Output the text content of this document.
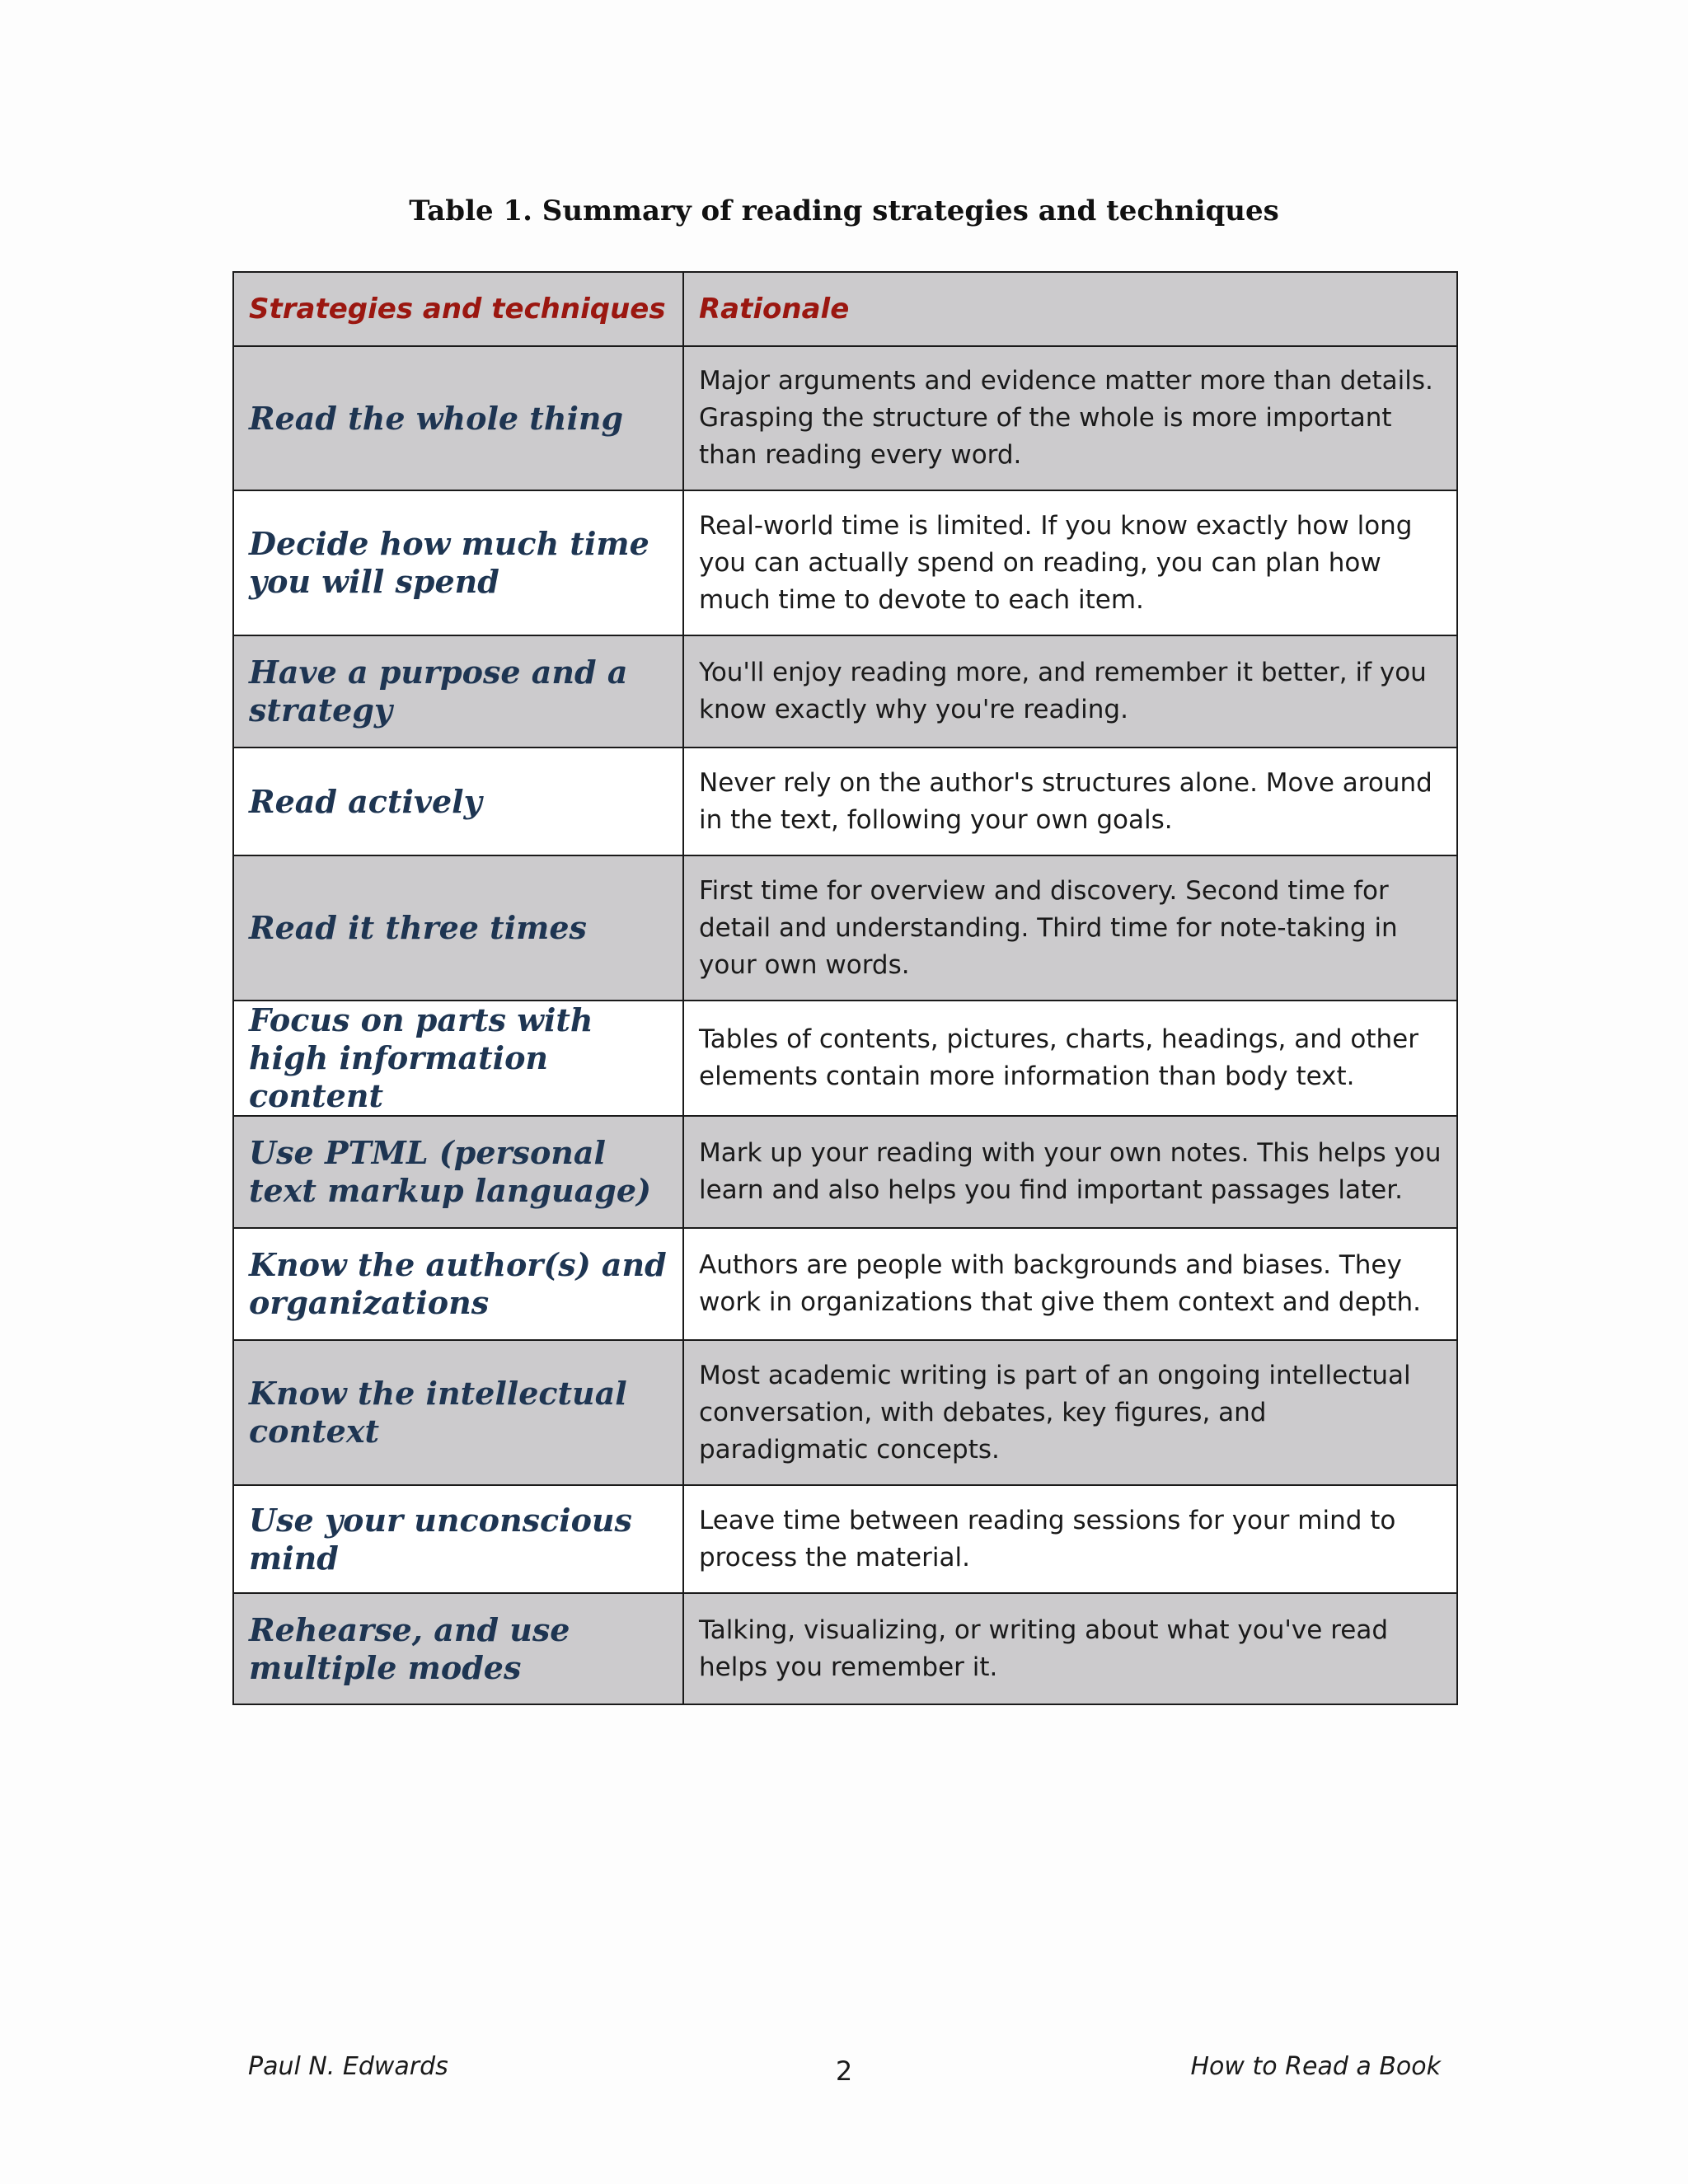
Table 1. Summary of reading strategies and techniques
Strategies and techniques	Rationale
Read the whole thing	Major arguments and evidence matter more than details. Grasping the structure of the whole is more important than reading every word.
Decide how much time you will spend	Real-world time is limited. If you know exactly how long you can actually spend on reading, you can plan how much time to devote to each item.
Have a purpose and a strategy	You'll enjoy reading more, and remember it better, if you know exactly why you're reading.
Read actively	Never rely on the author's structures alone. Move around in the text, following your own goals.
Read it three times	First time for overview and discovery. Second time for detail and understanding. Third time for note-taking in your own words.
Focus on parts with high information content	Tables of contents, pictures, charts, headings, and other elements contain more information than body text.
Use PTML (personal text markup language)	Mark up your reading with your own notes. This helps you learn and also helps you find important passages later.
Know the author(s) and organizations	Authors are people with backgrounds and biases. They work in organizations that give them context and depth.
Know the intellectual context	Most academic writing is part of an ongoing intellectual conversation, with debates, key figures, and paradigmatic concepts.
Use your unconscious mind	Leave time between reading sessions for your mind to process the material.
Rehearse, and use multiple modes	Talking, visualizing, or writing about what you've read helps you remember it.
Paul N. Edwards	2	How to Read a Book
